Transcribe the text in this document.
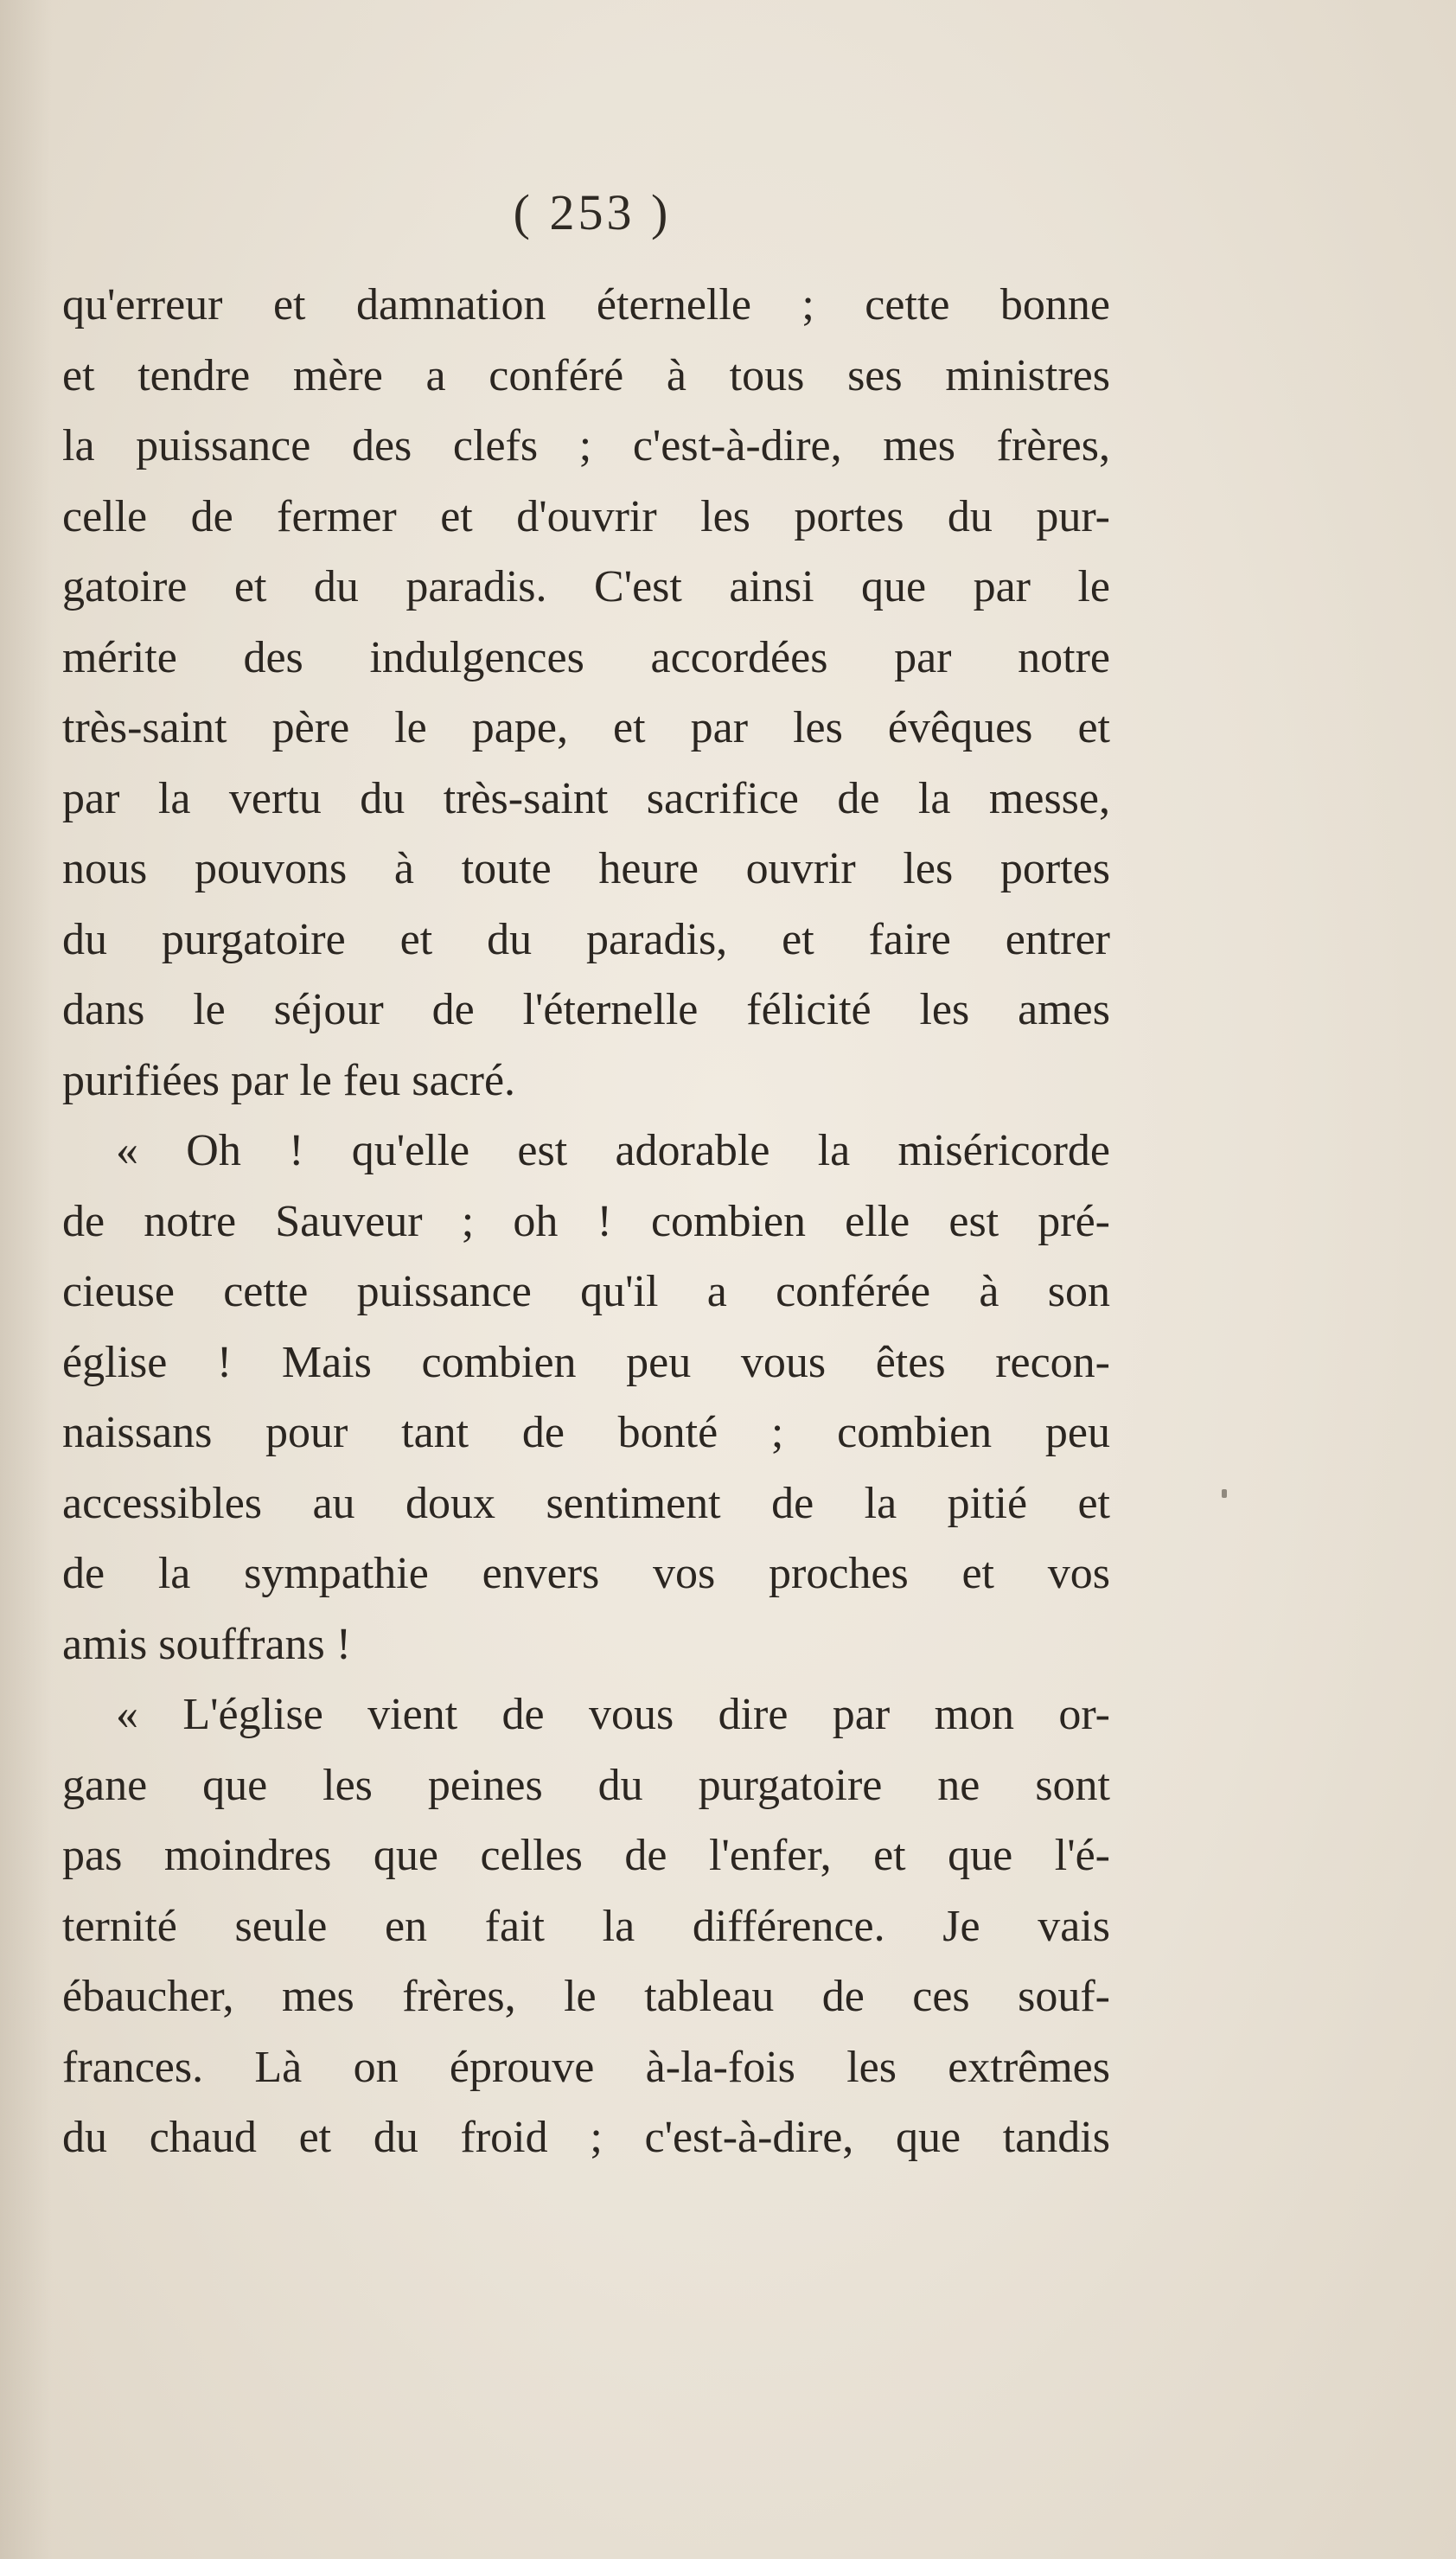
( 253 )
qu'erreur et damnation éternelle ; cette bonne
et tendre mère a conféré à tous ses ministres
la puissance des clefs ; c'est-à-dire, mes frères,
celle de fermer et d'ouvrir les portes du pur-
gatoire et du paradis. C'est ainsi que par le
mérite des indulgences accordées par notre
très-saint père le pape, et par les évêques et
par la vertu du très-saint sacrifice de la messe,
nous pouvons à toute heure ouvrir les portes
du purgatoire et du paradis, et faire entrer
dans le séjour de l'éternelle félicité les ames
purifiées par le feu sacré.
« Oh ! qu'elle est adorable la miséricorde
de notre Sauveur ; oh ! combien elle est pré-
cieuse cette puissance qu'il a conférée à son
église ! Mais combien peu vous êtes recon-
naissans pour tant de bonté ; combien peu
accessibles au doux sentiment de la pitié et
de la sympathie envers vos proches et vos
amis souffrans !
« L'église vient de vous dire par mon or-
gane que les peines du purgatoire ne sont
pas moindres que celles de l'enfer, et que l'é-
ternité seule en fait la différence. Je vais
ébaucher, mes frères, le tableau de ces souf-
frances. Là on éprouve à-la-fois les extrêmes
du chaud et du froid ; c'est-à-dire, que tandis
